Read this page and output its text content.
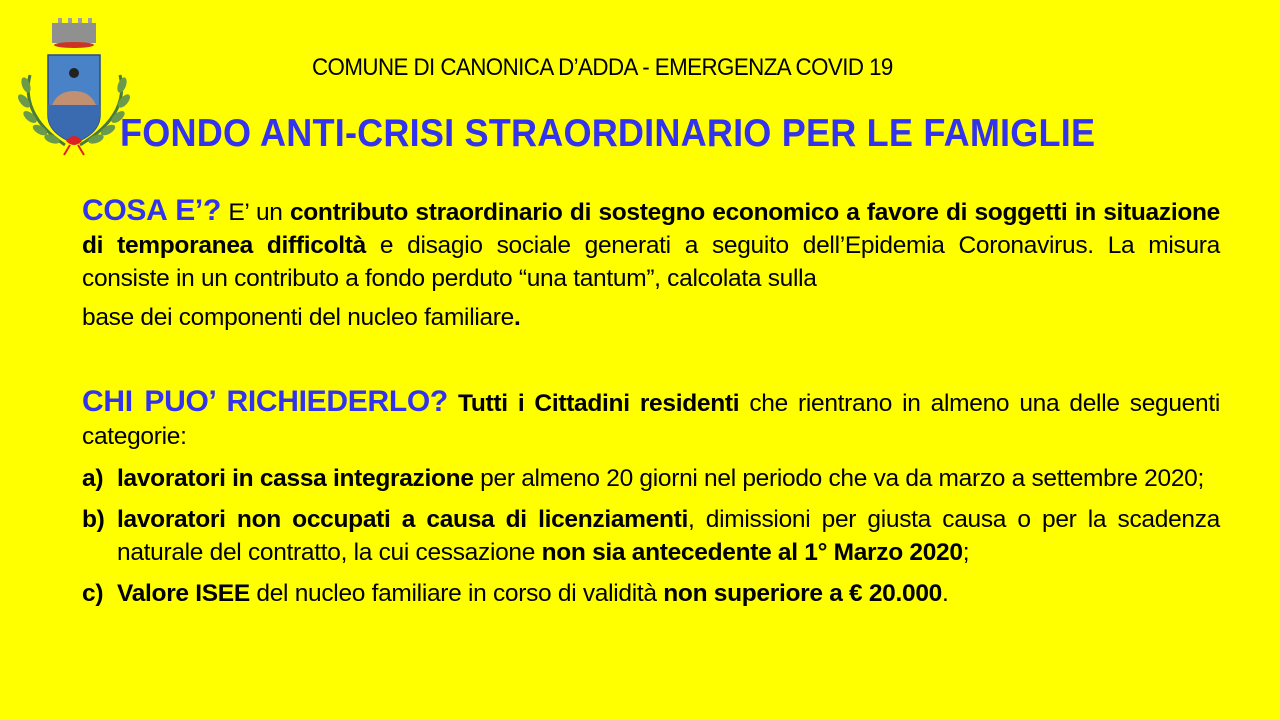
COMUNE DI CANONICA D’ADDA - EMERGENZA COVID 19
FONDO ANTI-CRISI STRAORDINARIO PER LE FAMIGLIE
COSA E’? E’ un contributo straordinario di sostegno economico a favore di soggetti in situazione di temporanea difficoltà e disagio sociale generati a seguito dell’Epidemia Coronavirus. La misura consiste in un contributo a fondo perduto “una tantum”, calcolata sulla
base dei componenti del nucleo familiare.
CHI PUO’ RICHIEDERLO? Tutti i Cittadini residenti che rientrano in almeno una delle seguenti categorie:
a) lavoratori in cassa integrazione per almeno 20 giorni nel periodo che va da marzo a settembre 2020;
b) lavoratori non occupati a causa di licenziamenti, dimissioni per giusta causa o per la scadenza naturale del contratto, la cui cessazione non sia antecedente al 1° Marzo 2020;
c) Valore ISEE del nucleo familiare in corso di validità non superiore a € 20.000.
